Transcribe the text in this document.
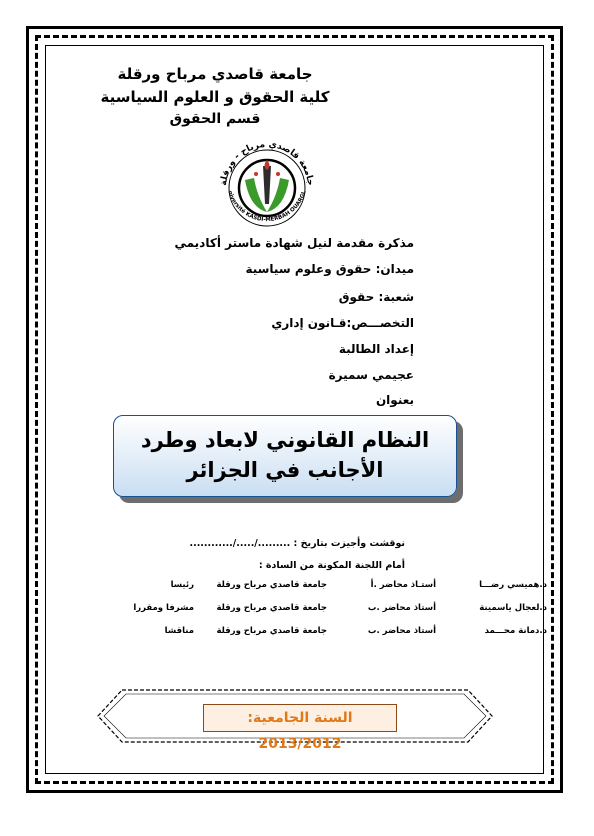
جامعة قاصدي مرباح ورقلة
كلية الحقوق و العلوم السياسية
قسم الحقوق
جامعة قاصدي مرباح - ورقلة
niversité KASDI-MERBAH OUARGL
مذكرة مقدمة لنيل شهادة ماستر أكاديمي
ميدان: حقوق وعلوم سياسية
شعبة: حقوق
التخصـــص:قـانون إداري
إعداد الطالبة
عجيمي سميرة
بعنوان
النظام القانوني لابعاد وطرد
الأجانب في الجزائر
نوقشت وأجيزت بتاريخ : ........./...../............
أمام اللجنة المكونة من السادة :
د.هميسي رضـــا
أستـاذ محاضر .أ
جامعة قاصدي مرباح ورقلة
رئيسا
د.لعجال ياسمينة
أستاذ محاضر .ب
جامعة قاصدي مرباح ورقلة
مشرفا ومقررا
د.دمانة محـــمد
أستاذ محاضر .ب
جامعة قاصدي مرباح ورقلة
مناقشا
السنة الجامعية: 2013/2012
